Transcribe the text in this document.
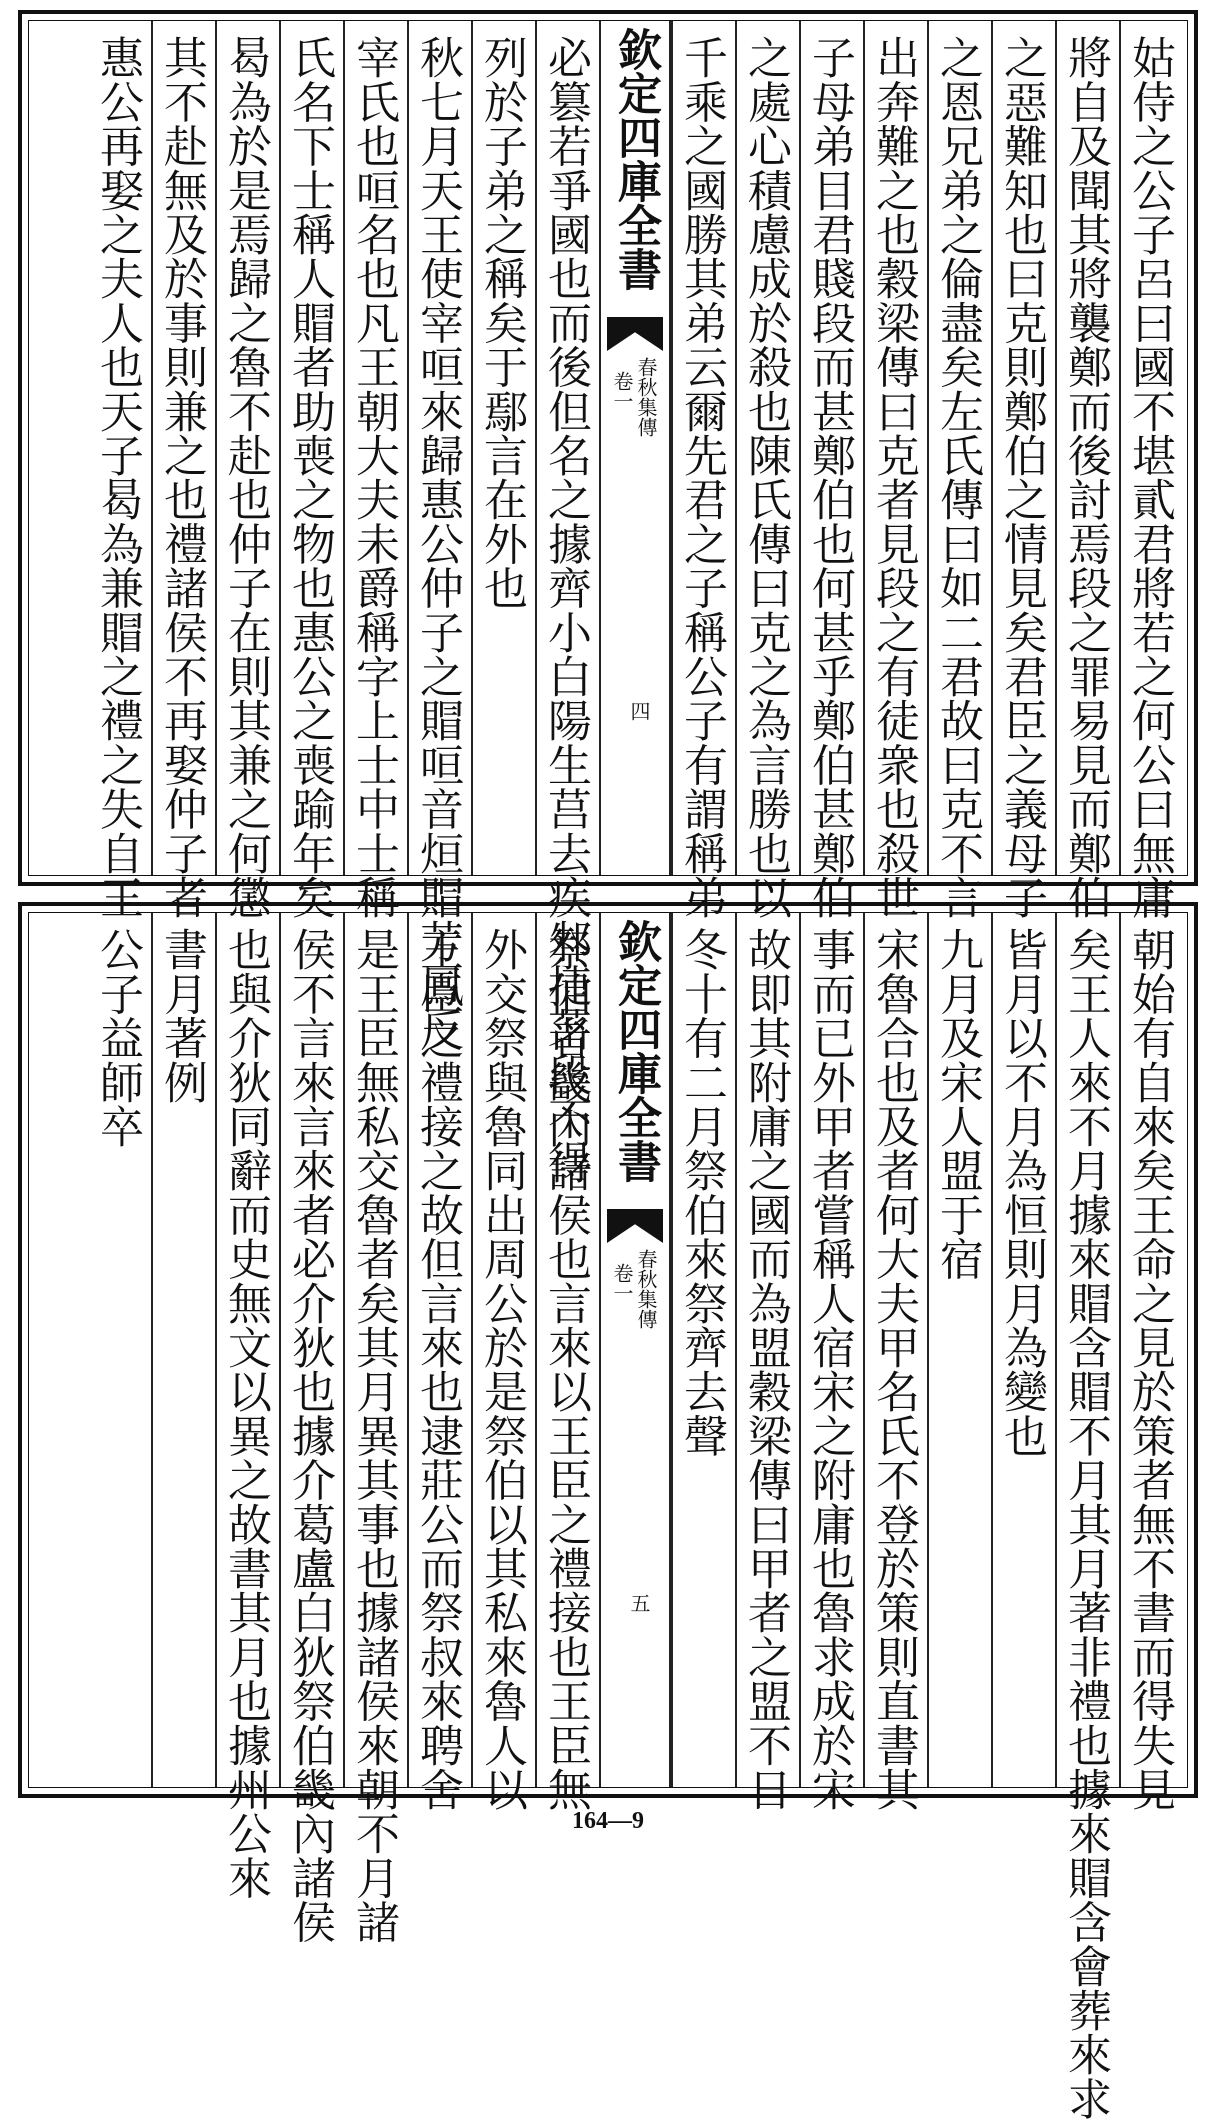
姑侍之公子呂曰國不堪貳君將若之何公曰無庸
將自及聞其將襲鄭而後討焉段之罪易見而鄭伯
之惡難知也曰克則鄭伯之情見矣君臣之義母子
之恩兄弟之倫盡矣左氏傳曰如二君故曰克不言
出奔難之也穀梁傳曰克者見段之有徒衆也殺世
子母弟目君賤段而甚鄭伯也何甚乎鄭伯甚鄭伯
之處心積慮成於殺也陳氏傳曰克之為言勝也以
千乘之國勝其弟云爾先君之子稱公子有謂稱弟
欽定四庫全書
春秋集傳
卷一
四
必篡若爭國也而後但名之據齊小白陽生莒去疾邾捷菑段不得
列於子弟之稱矣于鄢言在外也
秋七月天王使宰咺來歸惠公仲子之賵咺音烜賵芳鳳反
宰氏也咺名也凡王朝大夫未爵稱字上士中士稱
氏名下士稱人賵者助喪之物也惠公之喪踰年矣
曷為於是焉歸之魯不赴也仲子在則其兼之何懲
其不赴無及於事則兼之也禮諸侯不再娶仲子者
惠公再娶之夫人也天子曷為兼賵之禮之失自王
朝始有自來矣王命之見於策者無不書而得失見
矣王人來不月據來賵含賵不月其月著非禮也據來賵含會葬來求
皆月以不月為恒則月為變也
九月及宋人盟于宿
宋魯合也及者何大夫甲名氏不登於策則直書其
事而已外甲者嘗稱人宿宋之附庸也魯求成於宋
故即其附庸之國而為盟穀梁傳曰甲者之盟不日
冬十有二月祭伯來祭齊去聲
欽定四庫全書
春秋集傳
卷一
五
祭伯者畿內諸侯也言來以王臣之禮接也王臣無
外交祭與魯同出周公於是祭伯以其私來魯人以
王臣之禮接之故但言來也逮莊公而祭叔來聘舍
是王臣無私交魯者矣其月異其事也據諸侯來朝不月諸
侯不言來言來者必介狄也據介葛盧白狄祭伯畿內諸侯
也與介狄同辭而史無文以異之故書其月也據州公來
書月著例
公子益師卒
164—9
